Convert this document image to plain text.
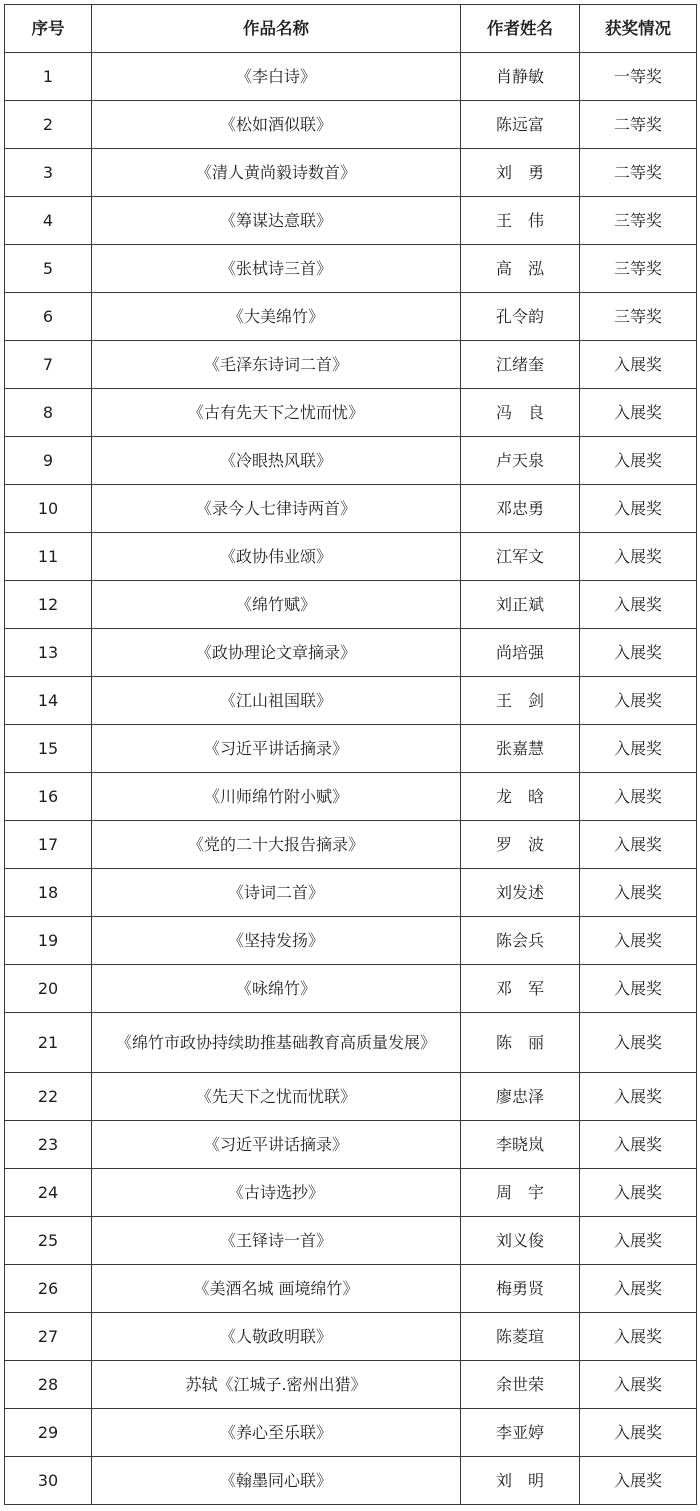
序号	作品名称	作者姓名	获奖情况
1	《李白诗》	肖静敏	一等奖
2	《松如酒似联》	陈远富	二等奖
3	《清人黄尚毅诗数首》	刘　勇	二等奖
4	《筹谋达意联》	王　伟	三等奖
5	《张栻诗三首》	高　泓	三等奖
6	《大美绵竹》	孔令韵	三等奖
7	《毛泽东诗词二首》	江绪奎	入展奖
8	《古有先天下之忧而忧》	冯　良	入展奖
9	《冷眼热风联》	卢天泉	入展奖
10	《录今人七律诗两首》	邓忠勇	入展奖
11	《政协伟业颂》	江军文	入展奖
12	《绵竹赋》	刘正斌	入展奖
13	《政协理论文章摘录》	尚培强	入展奖
14	《江山祖国联》	王　剑	入展奖
15	《习近平讲话摘录》	张嘉慧	入展奖
16	《川师绵竹附小赋》	龙　晗	入展奖
17	《党的二十大报告摘录》	罗　波	入展奖
18	《诗词二首》	刘发述	入展奖
19	《坚持发扬》	陈会兵	入展奖
20	《咏绵竹》	邓　军	入展奖
21	《绵竹市政协持续助推基础教育高质量发展》	陈　丽	入展奖
22	《先天下之忧而忧联》	廖忠泽	入展奖
23	《习近平讲话摘录》	李晓岚	入展奖
24	《古诗选抄》	周　宇	入展奖
25	《王铎诗一首》	刘义俊	入展奖
26	《美酒名城 画境绵竹》	梅勇贤	入展奖
27	《人敬政明联》	陈菱瑄	入展奖
28	苏轼《江城子.密州出猎》	余世荣	入展奖
29	《养心至乐联》	李亚婷	入展奖
30	《翰墨同心联》	刘　明	入展奖
